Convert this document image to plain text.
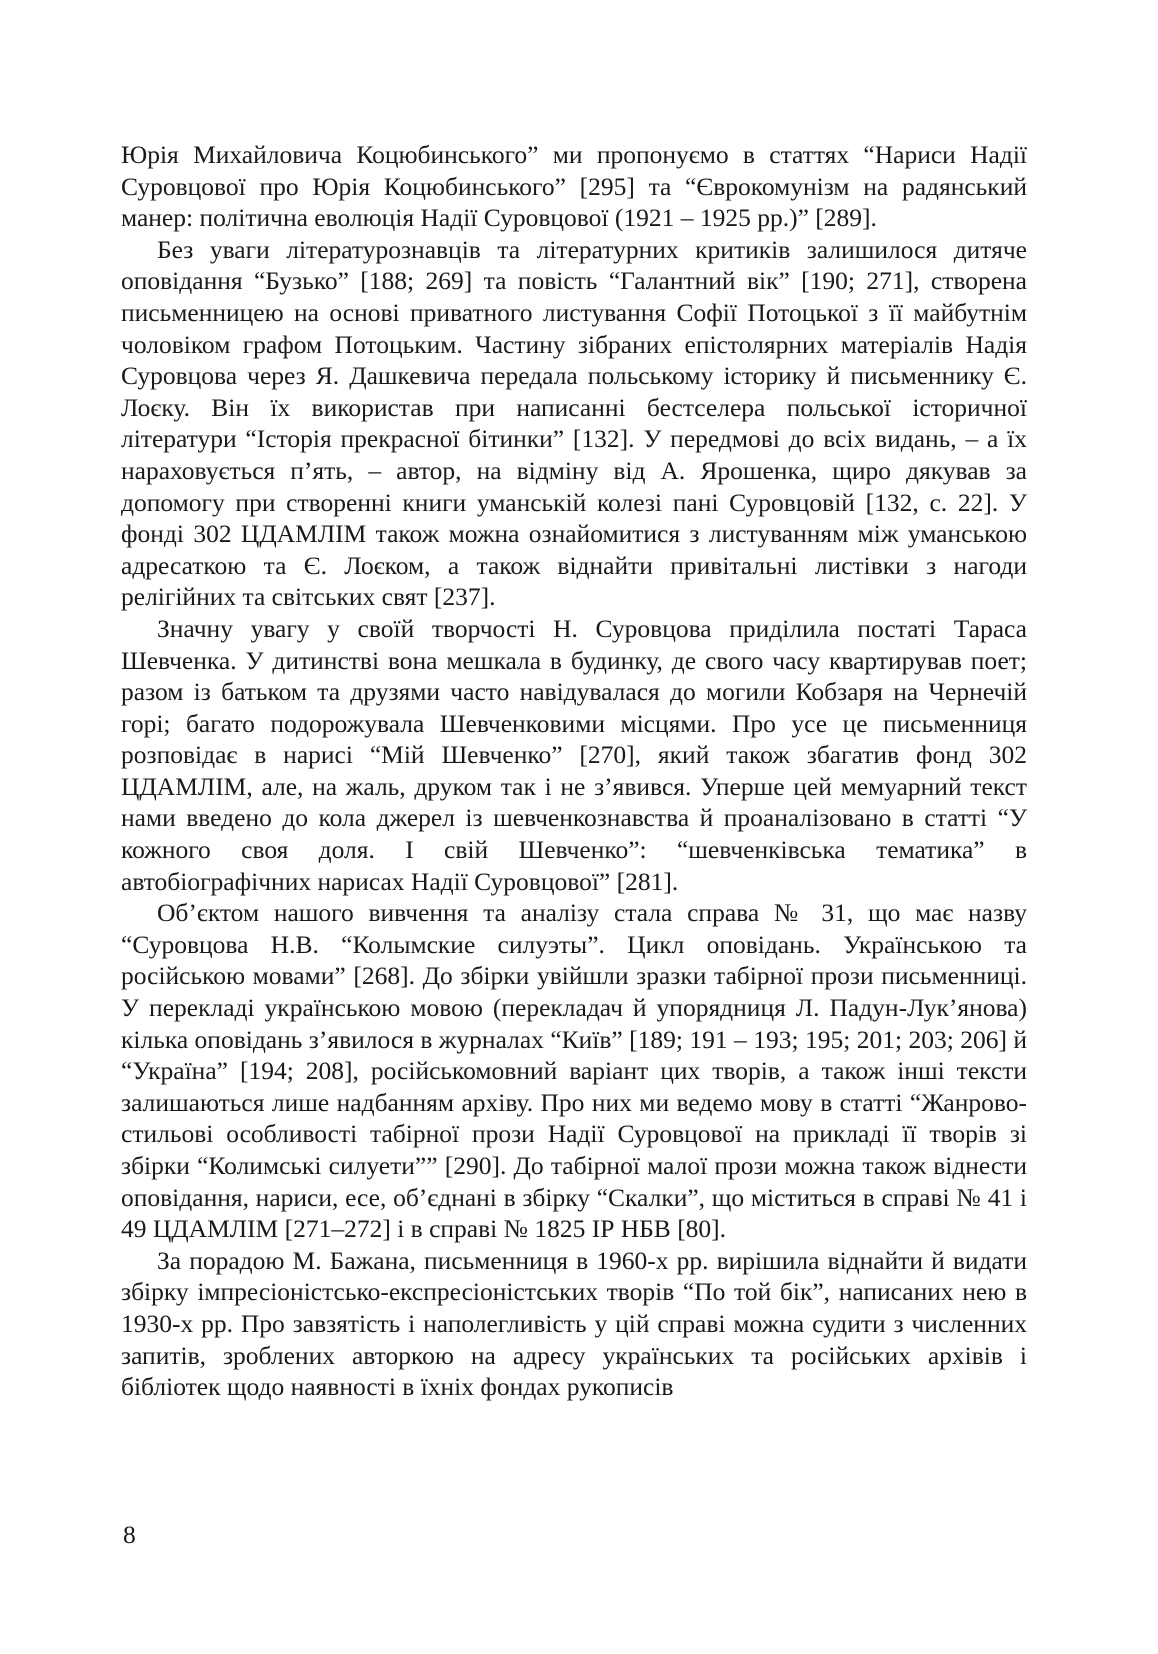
Юрія Михайловича Коцюбинського” ми пропонуємо в статтях “Нариси Надії Суровцової про Юрія Коцюбинського” [295] та “Єврокомунізм на радянський манер: політична еволюція Надії Суровцової (1921 – 1925 рр.)” [289].

Без уваги літературознавців та літературних критиків залишилося дитяче оповідання “Бузько” [188; 269] та повість “Галантний вік” [190; 271], створена письменницею на основі приватного листування Софії Потоцької з її майбутнім чоловіком графом Потоцьким. Частину зібраних епістолярних матеріалів Надія Суровцова через Я. Дашкевича передала польському історику й письменнику Є. Лоєку. Він їх використав при написанні бестселера польської історичної літератури “Історія прекрасної бітинки” [132]. У передмові до всіх видань, – а їх нараховується п’ять, – автор, на відміну від А. Ярошенка, щиро дякував за допомогу при створенні книги уманській колезі пані Суровцовій [132, с. 22]. У фонді 302 ЦДАМЛІМ також можна ознайомитися з листуванням між уманською адресаткою та Є. Лоєком, а також віднайти привітальні листівки з нагоди релігійних та світських свят [237].

Значну увагу у своїй творчості Н. Суровцова приділила постаті Тараса Шевченка. У дитинстві вона мешкала в будинку, де свого часу квартирував поет; разом із батьком та друзями часто навідувалася до могили Кобзаря на Чернечій горі; багато подорожувала Шевченковими місцями. Про усе це письменниця розповідає в нарисі “Мій Шевченко” [270], який також збагатив фонд 302 ЦДАМЛІМ, але, на жаль, друком так і не з’явився. Уперше цей мемуарний текст нами введено до кола джерел із шевченкознавства й проаналізовано в статті “У кожного своя доля. І свій Шевченко”: “шевченківська тематика” в автобіографічних нарисах Надії Суровцової” [281].

Об’єктом нашого вивчення та аналізу стала справа № 31, що має назву “Суровцова Н.В. “Колымские силуэты”. Цикл оповідань. Українською та російською мовами” [268]. До збірки увійшли зразки табірної прози письменниці. У перекладі українською мовою (перекладач й упорядниця Л. Падун-Лук’янова) кілька оповідань з’явилося в журналах “Київ” [189; 191 – 193; 195; 201; 203; 206] й “Україна” [194; 208], російськомовний варіант цих творів, а також інші тексти залишаються лише надбанням архіву. Про них ми ведемо мову в статті “Жанрово-стильові особливості табірної прози Надії Суровцової на прикладі її творів зі збірки “Колимські силуети”” [290]. До табірної малої прози можна також віднести оповідання, нариси, есе, об’єднані в збірку “Скалки”, що міститься в справі № 41 і 49 ЦДАМЛІМ [271–272] і в справі № 1825 ІР НБВ [80].

За порадою М. Бажана, письменниця в 1960-х рр. вирішила віднайти й видати збірку імпресіоністсько-експресіоністських творів “По той бік”, написаних нею в 1930-х рр. Про завзятість і наполегливість у цій справі можна судити з численних запитів, зроблених авторкою на адресу українських та російських архівів і бібліотек щодо наявності в їхніх фондах рукописів

8
